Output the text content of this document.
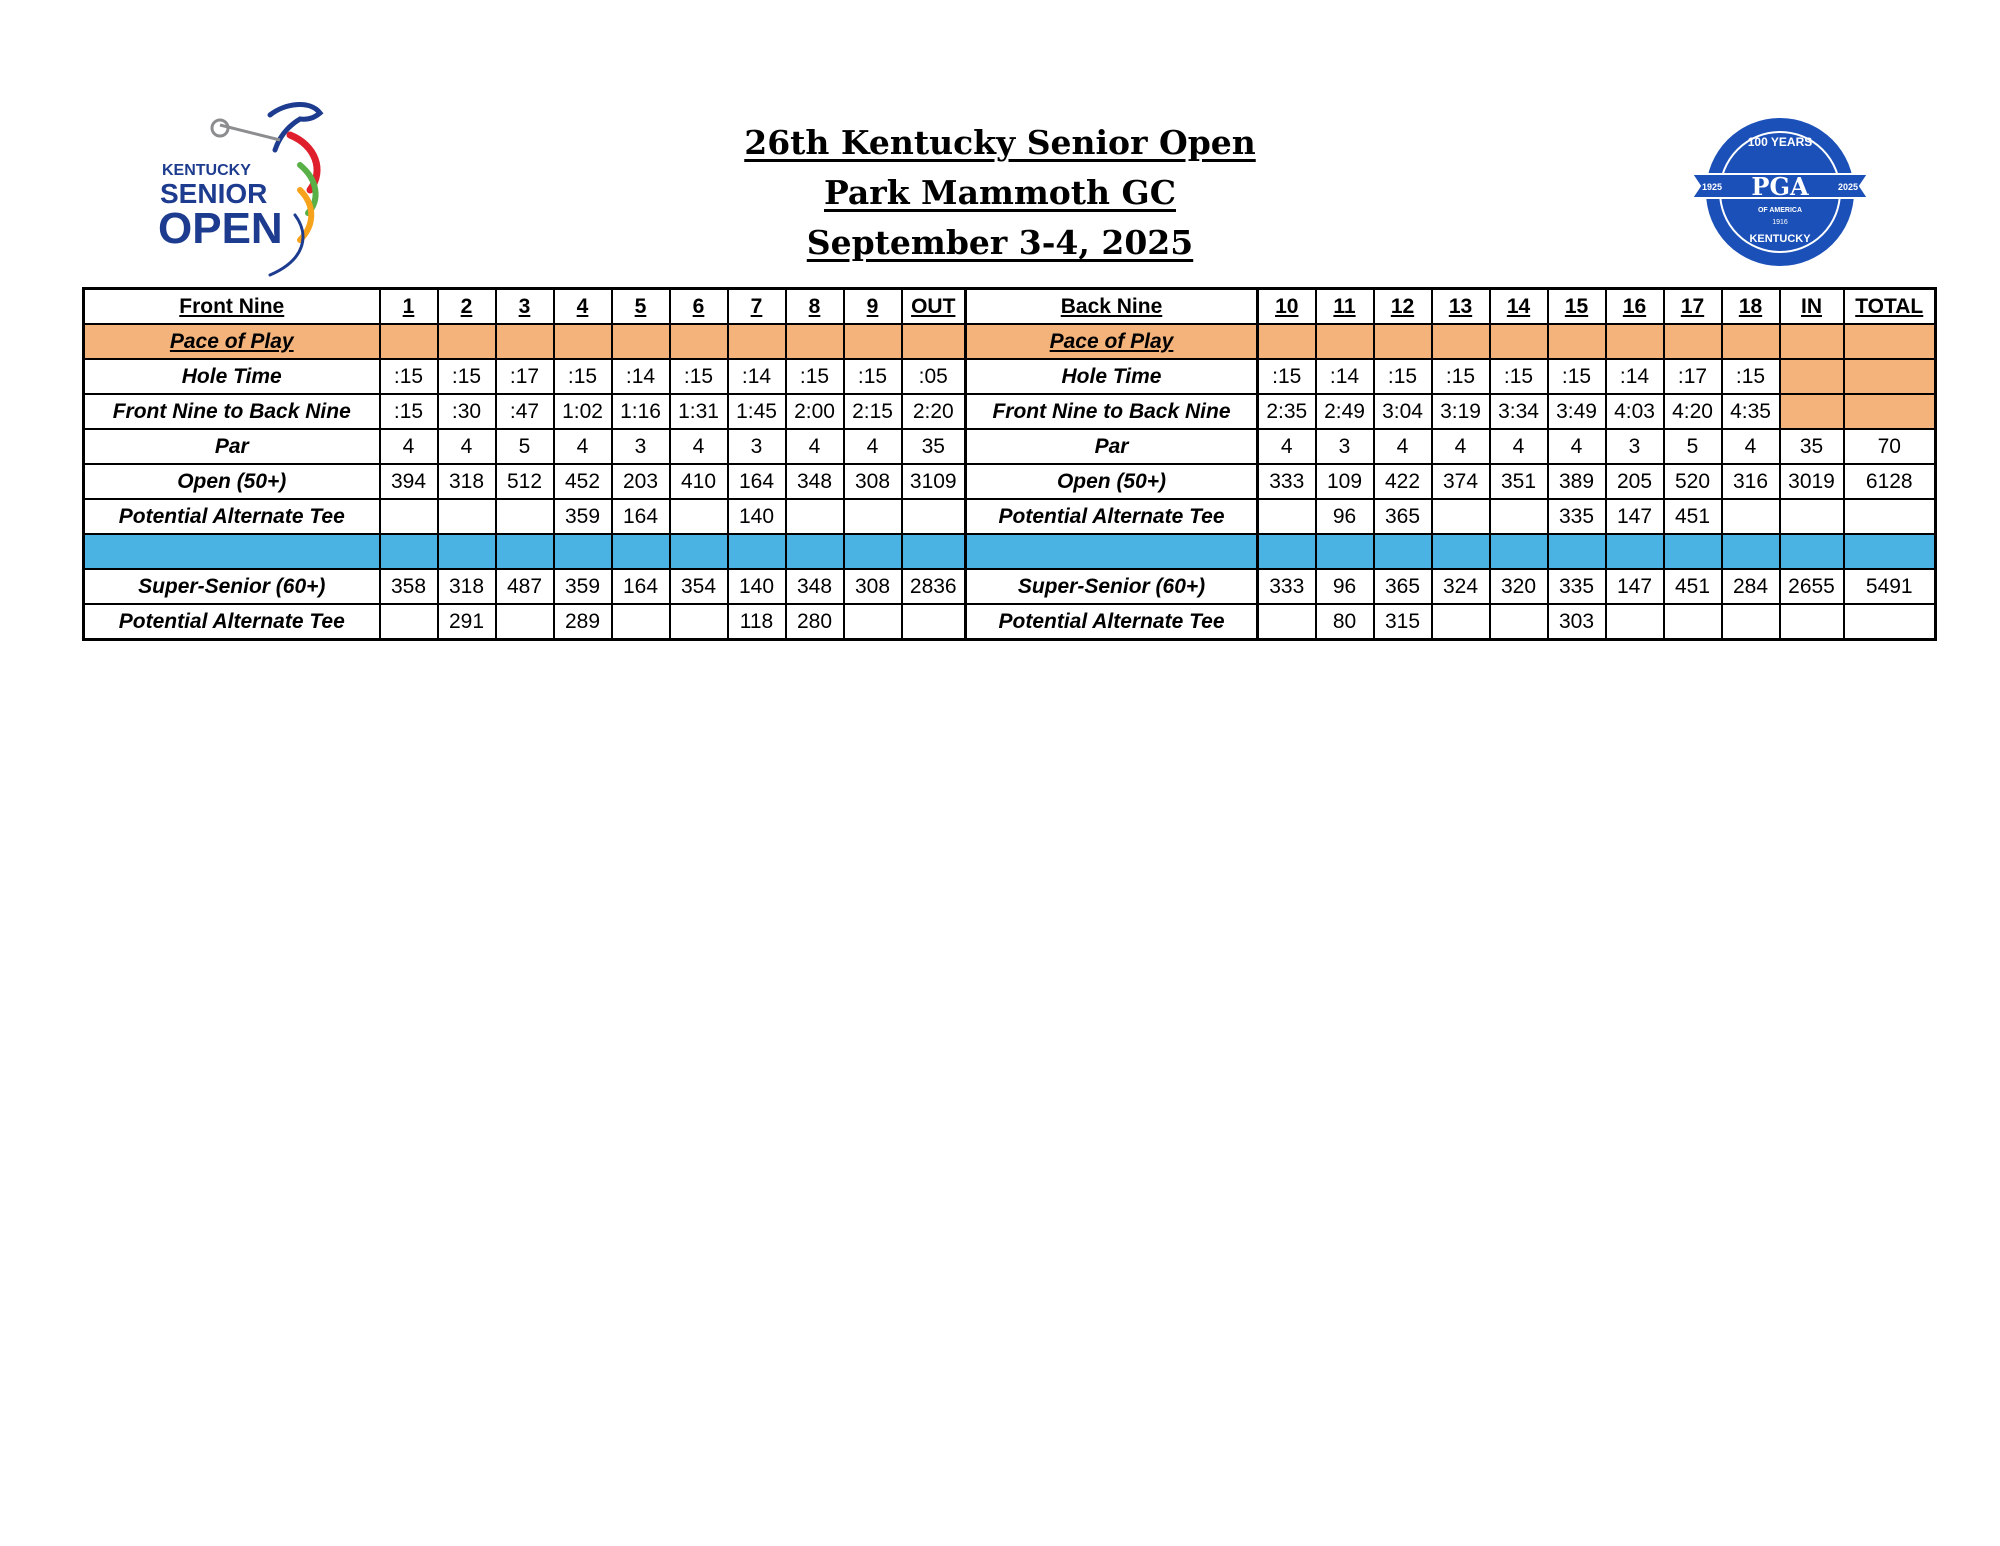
KENTUCKY
SENIOR
OPEN
26th Kentucky Senior Open
Park Mammoth GC
September 3-4, 2025
100 YEARS
PGA
1925	2025
OF AMERICA
1916
KENTUCKY
Front Nine	1	2	3	4	5	6	7	8	9	OUT	Back Nine	10	11	12	13	14	15	16	17	18	IN	TOTAL
Pace of Play											Pace of Play											
Hole Time	:15	:15	:17	:15	:14	:15	:14	:15	:15	:05	Hole Time	:15	:14	:15	:15	:15	:15	:14	:17	:15		
Front Nine to Back Nine	:15	:30	:47	1:02	1:16	1:31	1:45	2:00	2:15	2:20	Front Nine to Back Nine	2:35	2:49	3:04	3:19	3:34	3:49	4:03	4:20	4:35		
Par	4	4	5	4	3	4	3	4	4	35	Par	4	3	4	4	4	4	3	5	4	35	70
Open (50+)	394	318	512	452	203	410	164	348	308	3109	Open (50+)	333	109	422	374	351	389	205	520	316	3019	6128
Potential Alternate Tee				359	164		140				Potential Alternate Tee		96	365			335	147	451			

Super-Senior (60+)	358	318	487	359	164	354	140	348	308	2836	Super-Senior (60+)	333	96	365	324	320	335	147	451	284	2655	5491
Potential Alternate Tee		291		289			118	280			Potential Alternate Tee		80	315			303					
